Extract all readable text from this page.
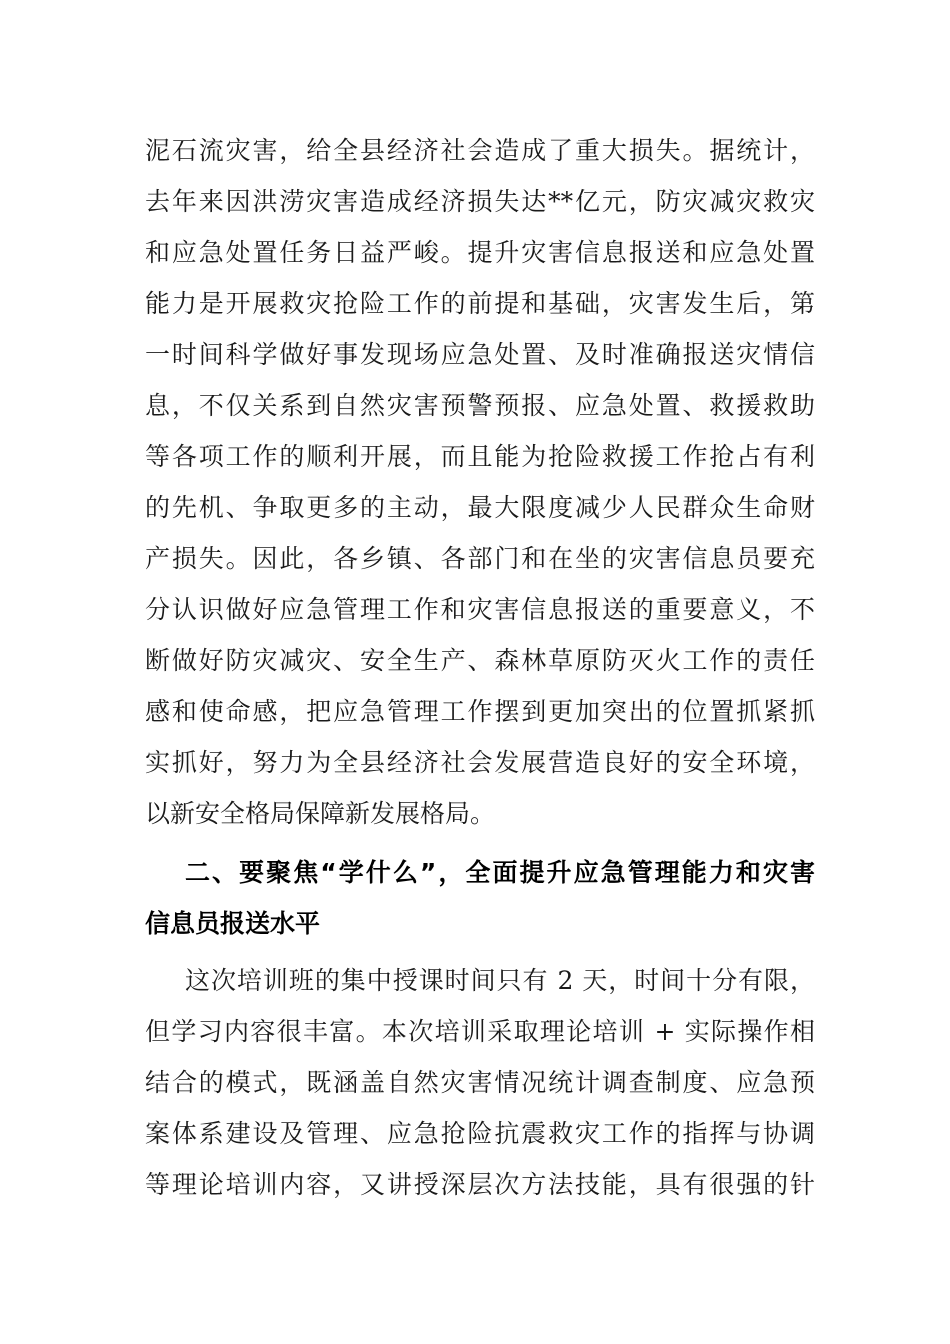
泥石流灾害，给全县经济社会造成了重大损失。据统计，
去年来因洪涝灾害造成经济损失达**亿元，防灾减灾救灾
和应急处置任务日益严峻。提升灾害信息报送和应急处置
能力是开展救灾抢险工作的前提和基础，灾害发生后，第
一时间科学做好事发现场应急处置、及时准确报送灾情信
息，不仅关系到自然灾害预警预报、应急处置、救援救助
等各项工作的顺利开展，而且能为抢险救援工作抢占有利
的先机、争取更多的主动，最大限度减少人民群众生命财
产损失。因此，各乡镇、各部门和在坐的灾害信息员要充
分认识做好应急管理工作和灾害信息报送的重要意义，不
断做好防灾减灾、安全生产、森林草原防灭火工作的责任
感和使命感，把应急管理工作摆到更加突出的位置抓紧抓
实抓好，努力为全县经济社会发展营造良好的安全环境，
以新安全格局保障新发展格局。
二、要聚焦“学什么”，全面提升应急管理能力和灾害
信息员报送水平
这次培训班的集中授课时间只有 2 天，时间十分有限，
但学习内容很丰富。本次培训采取理论培训 + 实际操作相
结合的模式，既涵盖自然灾害情况统计调查制度、应急预
案体系建设及管理、应急抢险抗震救灾工作的指挥与协调
等理论培训内容，又讲授深层次方法技能，具有很强的针
